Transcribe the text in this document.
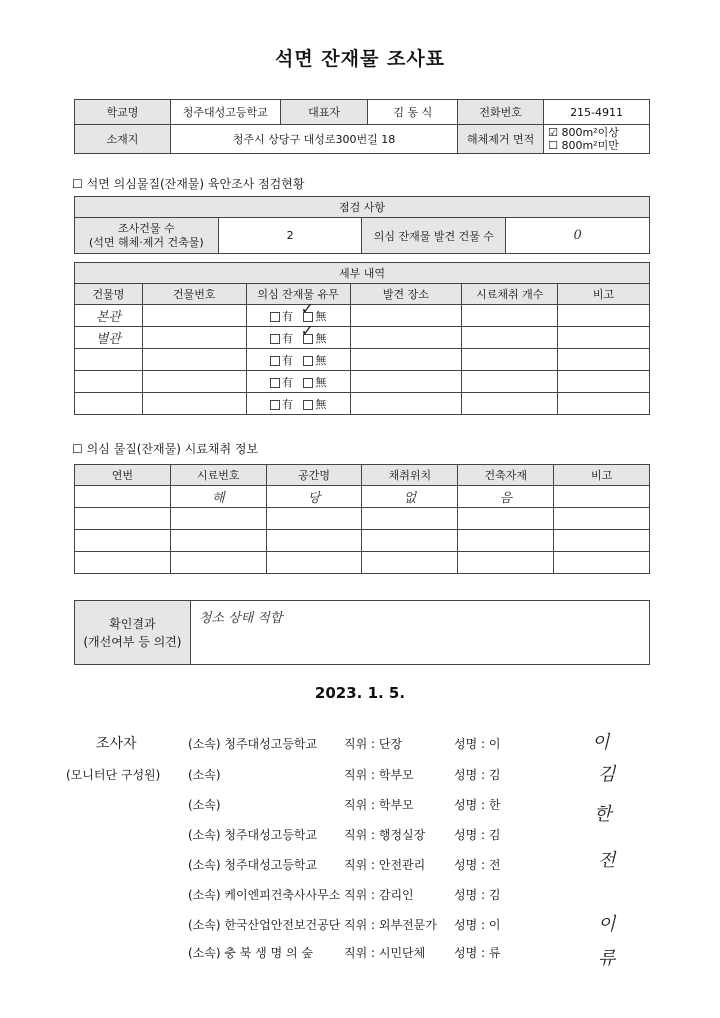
석면 잔재물 조사표
학교명	청주대성고등학교	대표자	김 동 식	전화번호	215-4911
소재지	청주시 상당구 대성로300번길 18			해체제거 면적	☑ 800m²이상
☐ 800m²미만
☐ 석면 의심물질(잔재물) 육안조사 점검현황
점검 사항
조사건물 수
(석면 해체·제거 건축물)	2	의심 잔재물 발견 건물 수	0
세부 내역					
건물명	건물번호	의심 잔재물 유무	발견 장소	시료채취 개수	비고
본관		有 無
✓			

별관		有 無
✓			

		有 無			
		有 無			
		有 無			
☐ 의심 물질(잔재물) 시료채취 정보
연번	시료번호	공간명	채취위치	건축자재	비고
	해	당	없	음	

확인결과
(개선여부 등 의견)	청소 상태 적합
2023. 1. 5.
조사자
(모니터단 구성원)
(소속) 청주대성고등학교 직위 : 단장	성명 : 이	이
(소속)	직위 : 학부모	성명 : 김	김
(소속)	직위 : 학부모	성명 : 한	한
(소속) 청주대성고등학교 직위 : 행정실장 성명 : 김
(소속) 청주대성고등학교 직위 : 안전관리 성명 : 전	전
(소속) 케이엔피건축사사무소 직위 : 감리인	성명 : 김
(소속) 한국산업안전보건공단 직위 : 외부전문가 성명 : 이	이
(소속) 충 북 생 명 의 숲	직위 : 시민단체 성명 : 류	류
